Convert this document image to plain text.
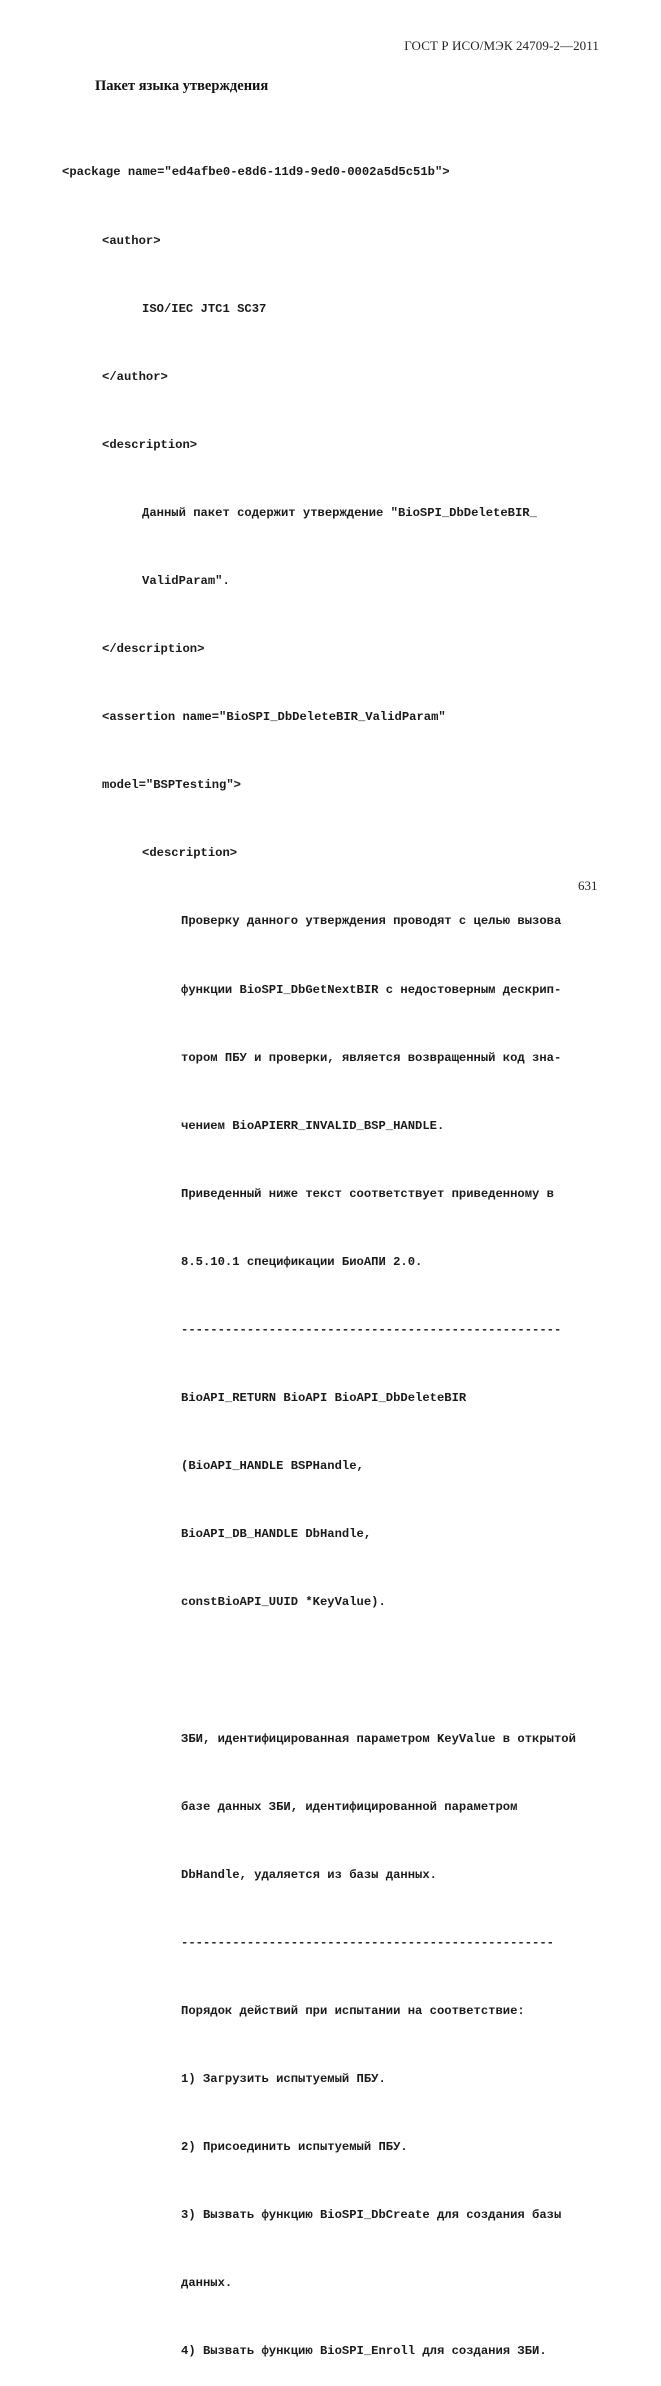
ГОСТ Р ИСО/МЭК 24709-2—2011
Пакет языка утверждения

<package name="ed4afbe0-e8d6-11d9-9ed0-0002a5d5c51b">

<author>

ISO/IEC JTC1 SC37

</author>

<description>

Данный пакет содержит утверждение "BioSPI_DbDeleteBIR_

ValidParam".

</description>

<assertion name="BioSPI_DbDeleteBIR_ValidParam"

model="BSPTesting">

<description>

Проверку данного утверждения проводят с целью вызова

функции BioSPI_DbGetNextBIR с недостоверным дескрип-

тором ПБУ и проверки, является возвращенный код зна-

чением BioAPIERR_INVALID_BSP_HANDLE.

Приведенный ниже текст соответствует приведенному в

8.5.10.1 спецификации БиоАПИ 2.0.

----------------------------------------------------

BioAPI_RETURN BioAPI BioAPI_DbDeleteBIR

(BioAPI_HANDLE BSPHandle,

BioAPI_DB_HANDLE DbHandle,

constBioAPI_UUID *KeyValue).

ЗБИ, идентифицированная параметром KeyValue в открытой

базе данных ЗБИ, идентифицированной параметром

DbHandle, удаляется из базы данных.

---------------------------------------------------

Порядок действий при испытании на соответствие:

1) Загрузить испытуемый ПБУ.

2) Присоединить испытуемый ПБУ.

3) Вызвать функцию BioSPI_DbCreate для создания базы

данных.

4) Вызвать функцию BioSPI_Enroll для создания ЗБИ.

631
